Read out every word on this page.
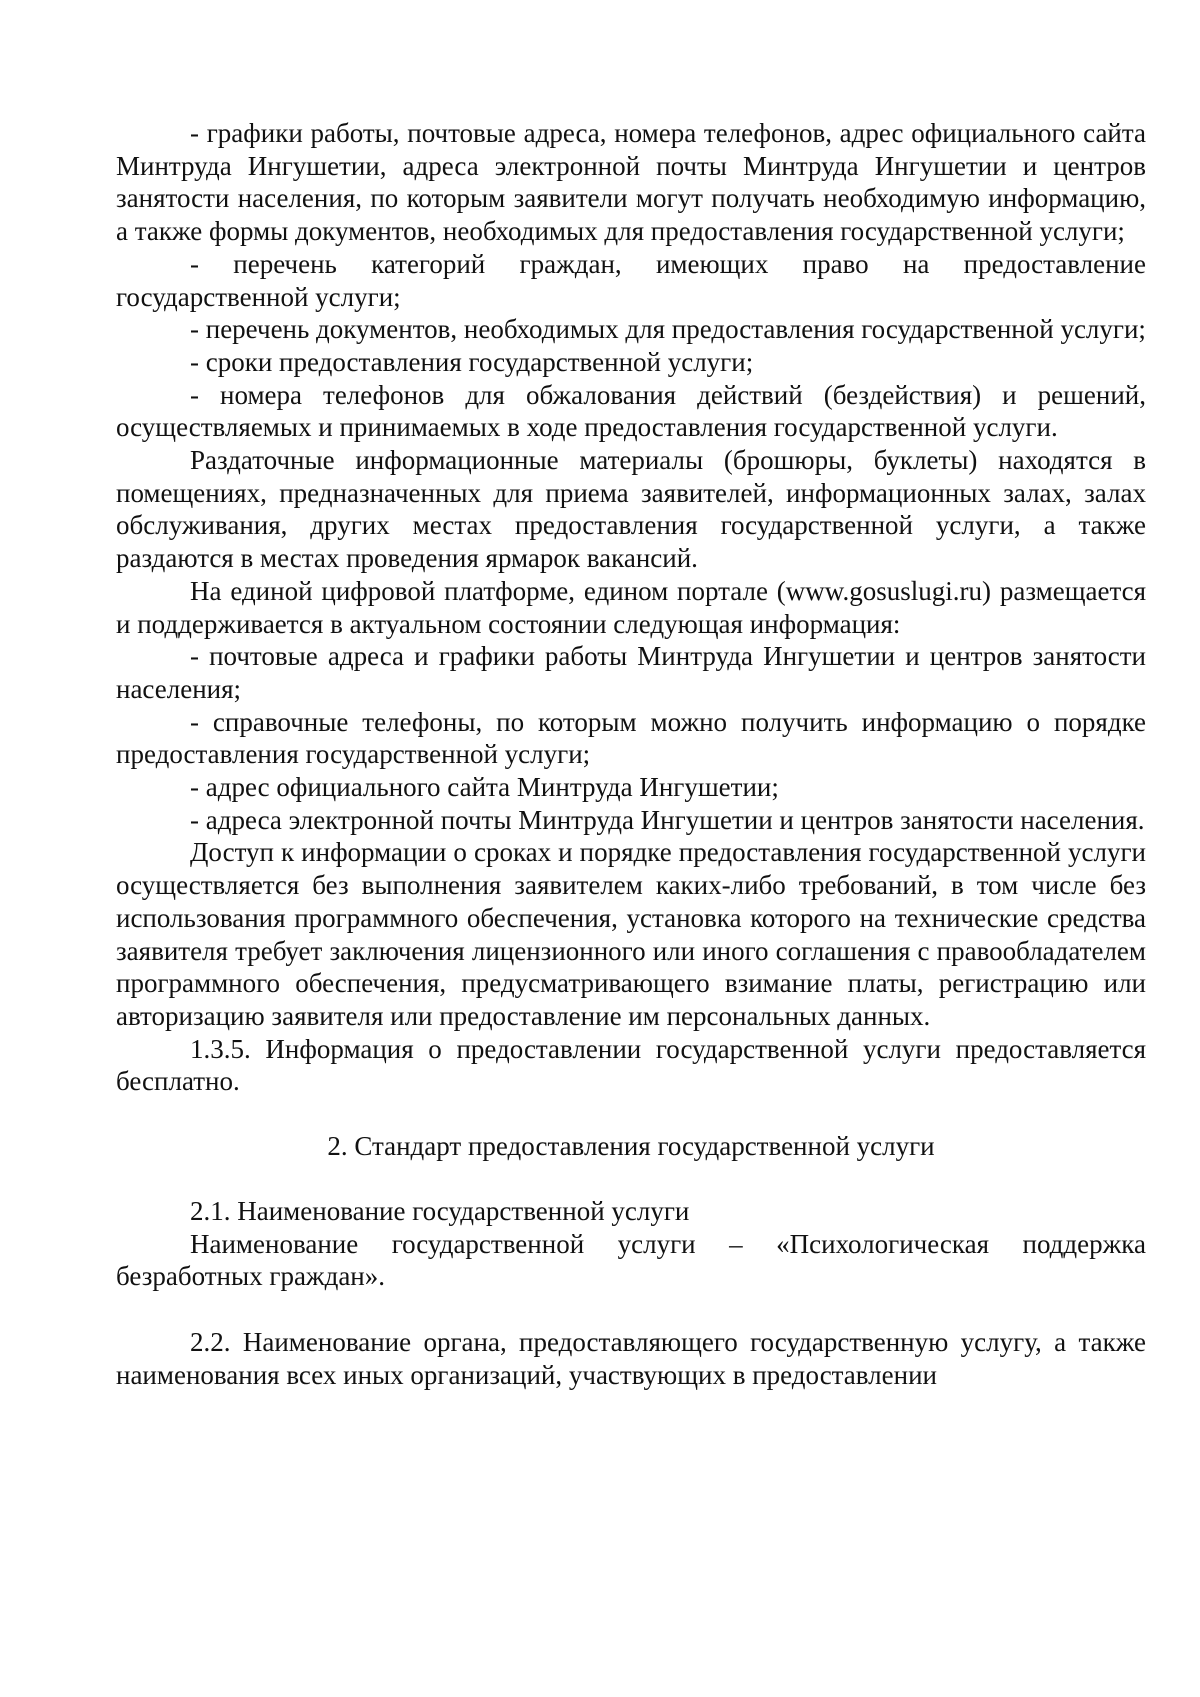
- графики работы, почтовые адреса, номера телефонов, адрес официального сайта Минтруда Ингушетии, адреса электронной почты Минтруда Ингушетии и центров занятости населения, по которым заявители могут получать необходимую информацию, а также формы документов, необходимых для предоставления государственной услуги;

- перечень категорий граждан, имеющих право на предоставление государственной услуги;

- перечень документов, необходимых для предоставления государственной услуги;

- сроки предоставления государственной услуги;

- номера телефонов для обжалования действий (бездействия) и решений, осуществляемых и принимаемых в ходе предоставления государственной услуги.

Раздаточные информационные материалы (брошюры, буклеты) находятся в помещениях, предназначенных для приема заявителей, информационных залах, залах обслуживания, других местах предоставления государственной услуги, а также раздаются в местах проведения ярмарок вакансий.

На единой цифровой платформе, едином портале (www.gosuslugi.ru) размещается и поддерживается в актуальном состоянии следующая информация:

- почтовые адреса и графики работы Минтруда Ингушетии и центров занятости населения;

- справочные телефоны, по которым можно получить информацию о порядке предоставления государственной услуги;

- адрес официального сайта Минтруда Ингушетии;

- адреса электронной почты Минтруда Ингушетии и центров занятости населения.

Доступ к информации о сроках и порядке предоставления государственной услуги осуществляется без выполнения заявителем каких-либо требований, в том числе без использования программного обеспечения, установка которого на технические средства заявителя требует заключения лицензионного или иного соглашения с правообладателем программного обеспечения, предусматривающего взимание платы, регистрацию или авторизацию заявителя или предоставление им персональных данных.

1.3.5. Информация о предоставлении государственной услуги предоставляется бесплатно.

2. Стандарт предоставления государственной услуги

2.1. Наименование государственной услуги

Наименование государственной услуги – «Психологическая поддержка безработных граждан».

2.2. Наименование органа, предоставляющего государственную услугу, а также наименования всех иных организаций, участвующих в предоставлении
